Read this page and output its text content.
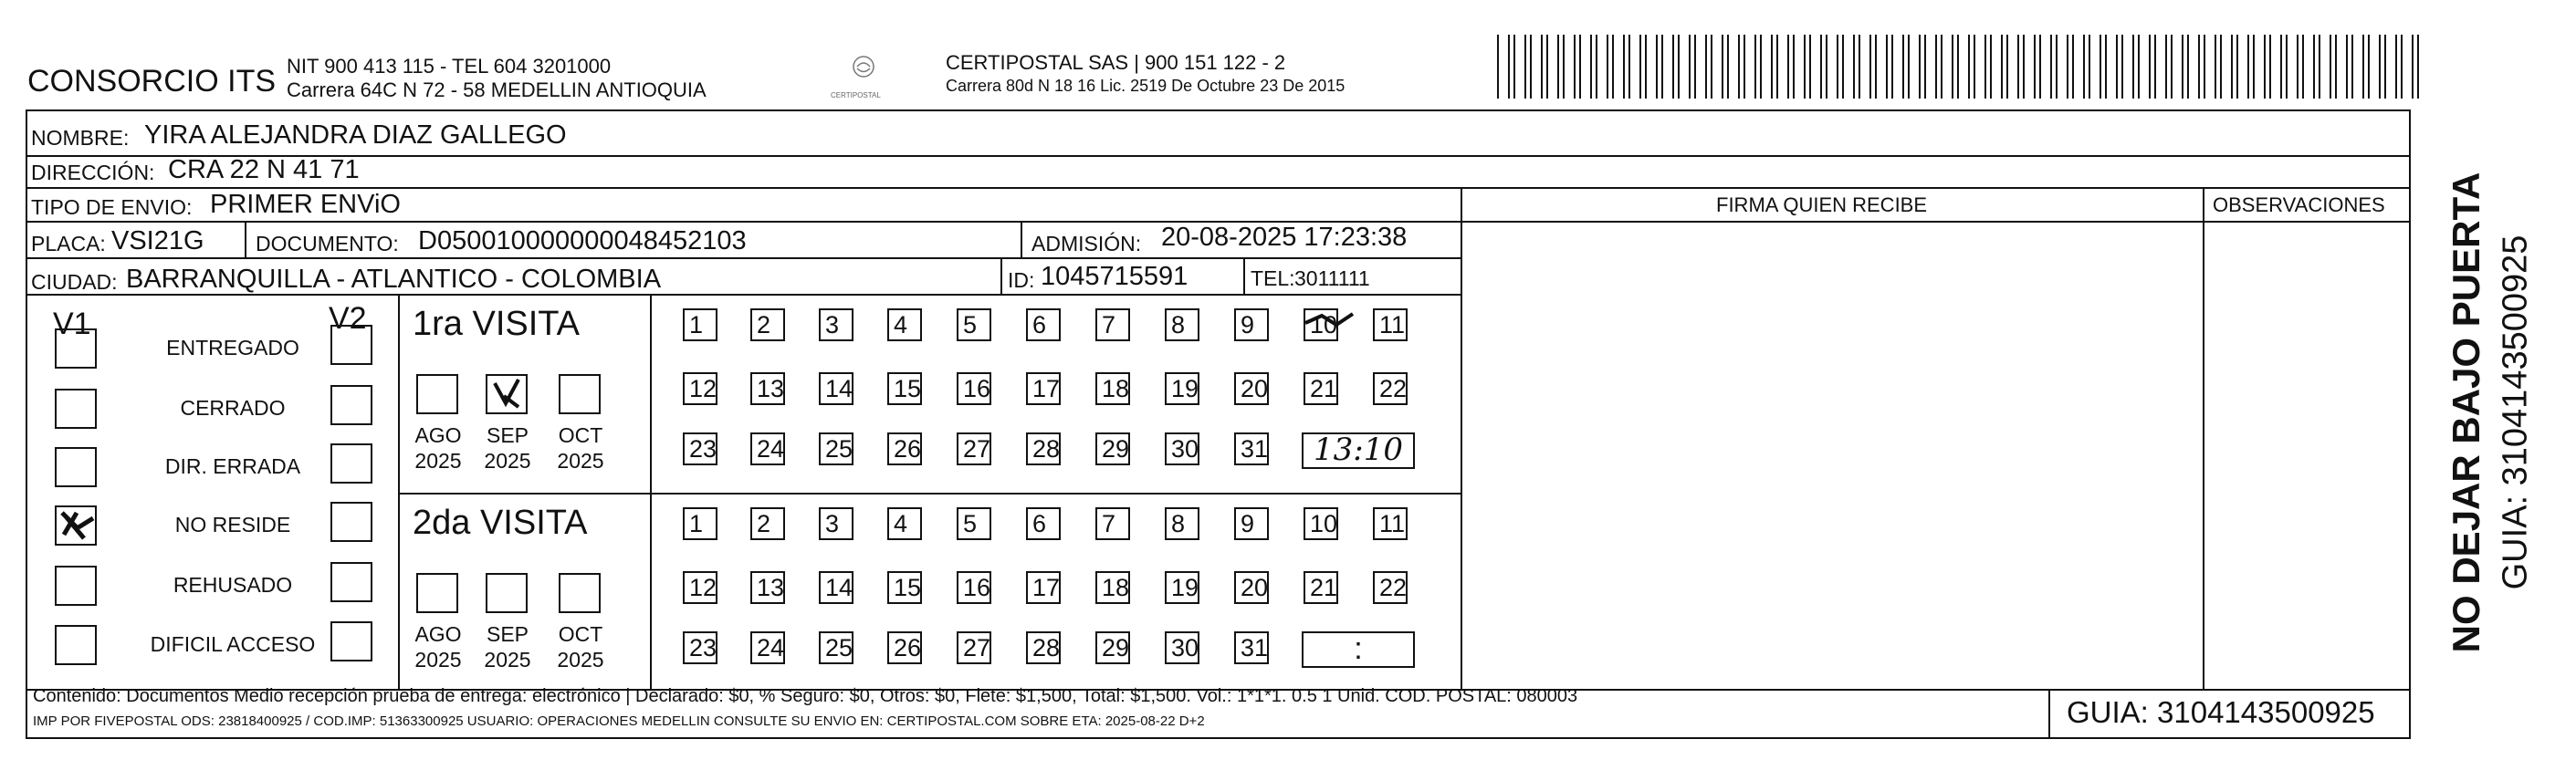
CONSORCIO ITS NIT 900 413 115 - TEL 604 3201000
Carrera 64C N 72 - 58 MEDELLIN ANTIOQUIA	CERTIPOSTAL
CERTIPOSTAL SAS | 900 151 122 - 2
Carrera 80d N 18 16 Lic. 2519 De Octubre 23 De 2015
NOMBRE: YIRA ALEJANDRA DIAZ GALLEGO
DIRECCIÓN: CRA 22 N 41 71
TIPO DE ENVIO: PRIMER ENViO	FIRMA QUIEN RECIBE	OBSERVACIONES
PLACA: VSI21G DOCUMENTO: D050010000000048452103	ADMISIÓN: 20-08-2025 17:23:38
CIUDAD: BARRANQUILLA - ATLANTICO - COLOMBIA	ID: 1045715591	TEL: 3011111
V1	V2
ENTREGADO
CERRADO
DIR. ERRADA
NO RESIDE
REHUSADO
DIFICIL ACCESO
1ra VISITA
AGO
2025
SEP
2025
OCT
2025
1	2	3	4	5	6	7	8	9	10 11
12 13 14 15 16 17 18 19 20 21 22
23 24 25 26 27 28 29 30 31	13:10
2da VISITA
AGO
2025
SEP
2025
OCT
2025
1	2	3	4	5	6	7	8	9	10 11
12 13 14 15 16 17 18 19 20 21 22
23 24 25 26 27 28 29 30 31	:
Contenido: Documentos Medio recepción prueba de entrega: electrónico | Declarado: $0, % Seguro: $0, Otros: $0, Flete: $1,500, Total: $1,500. Vol.: 1*1*1. 0.5 1 Unid. COD. POSTAL: 080003
IMP POR FIVEPOSTAL ODS: 23818400925 / COD.IMP: 51363300925 USUARIO: OPERACIONES MEDELLIN CONSULTE SU ENVIO EN: CERTIPOSTAL.COM SOBRE ETA: 2025-08-22 D+2	GUIA: 3104143500925
NO DEJAR BAJO PUERTA GUIA: 3104143500925
